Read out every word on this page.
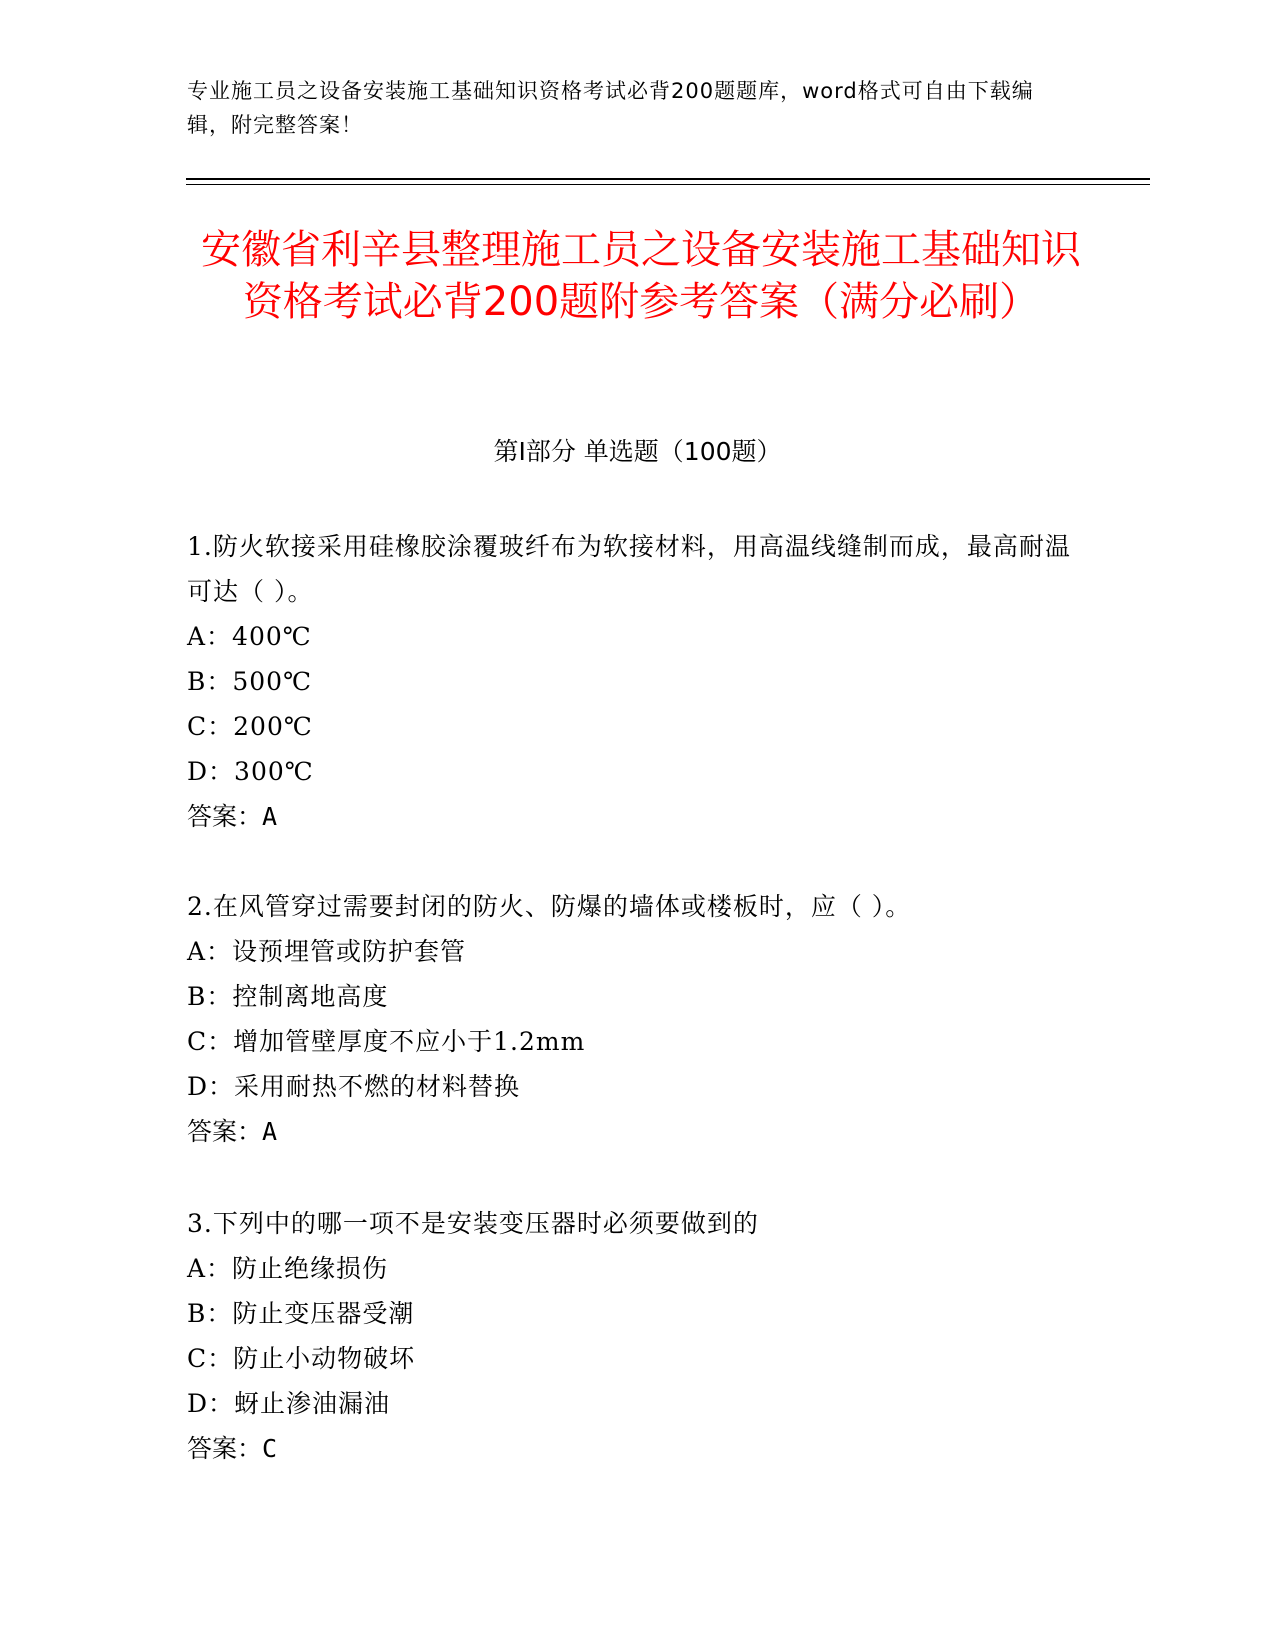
专业施工员之设备安装施工基础知识资格考试必背200题题库，word格式可自由下载编辑，附完整答案！
安徽省利辛县整理施工员之设备安装施工基础知识资格考试必背200题附参考答案（满分必刷）
第Ⅰ部分 单选题（100题）
1.防火软接采用硅橡胶涂覆玻纤布为软接材料，用高温线缝制而成，最高耐温可达（ ）。
A：400℃
B：500℃
C：200℃
D：300℃
答案：A
2.在风管穿过需要封闭的防火、防爆的墙体或楼板时，应（ ）。
A：设预埋管或防护套管
B：控制离地高度
C：增加管壁厚度不应小于1.2mm
D：采用耐热不燃的材料替换
答案：A
3.下列中的哪一项不是安装变压器时必须要做到的
A：防止绝缘损伤
B：防止变压器受潮
C：防止小动物破坏
D：蚜止渗油漏油
答案：C
